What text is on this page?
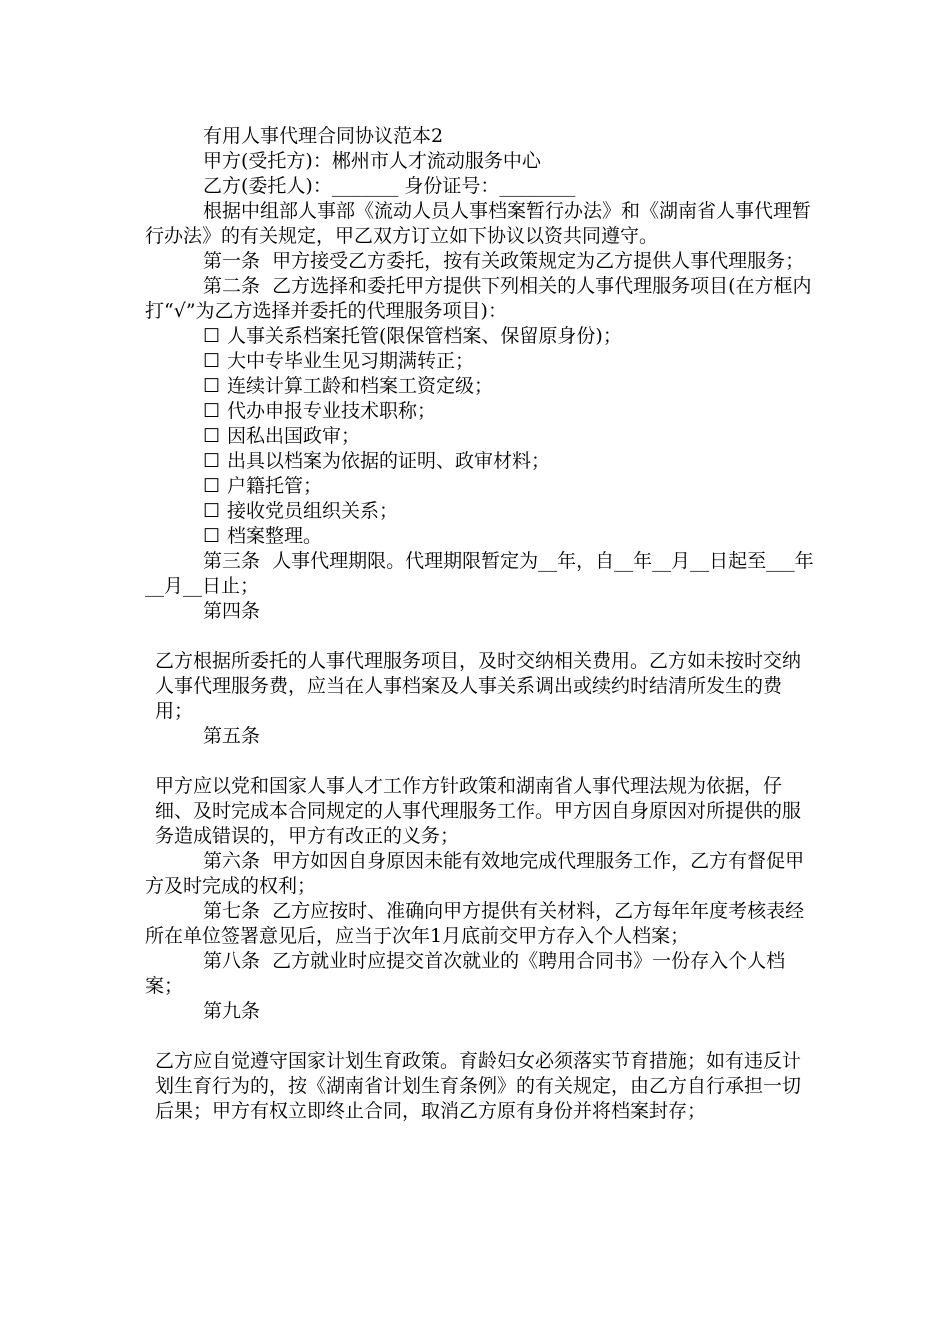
有用人事代理合同协议范本2

甲方(受托方)：郴州市人才流动服务中心

乙方(委托人)：_______ 身份证号：________

根据中组部人事部《流动人员人事档案暂行办法》和《湖南省人事代理暂行办法》的有关规定，甲乙双方订立如下协议以资共同遵守。

第一条  甲方接受乙方委托，按有关政策规定为乙方提供人事代理服务；

第二条  乙方选择和委托甲方提供下列相关的人事代理服务项目(在方框内打“√”为乙方选择并委托的代理服务项目)：

☐ 人事关系档案托管(限保管档案、保留原身份)；

☐ 大中专毕业生见习期满转正；

☐ 连续计算工龄和档案工资定级；

☐ 代办申报专业技术职称；

☐ 因私出国政审；

☐ 出具以档案为依据的证明、政审材料；

☐ 户籍托管；

☐ 接收党员组织关系；

☐ 档案整理。

第三条  人事代理期限。代理期限暂定为__年，自__年__月__日起至___年__月__日止；

第四条

乙方根据所委托的人事代理服务项目，及时交纳相关费用。乙方如未按时交纳人事代理服务费，应当在人事档案及人事关系调出或续约时结清所发生的费用；

第五条

甲方应以党和国家人事人才工作方针政策和湖南省人事代理法规为依据，仔细、及时完成本合同规定的人事代理服务工作。甲方因自身原因对所提供的服务造成错误的，甲方有改正的义务；

第六条  甲方如因自身原因未能有效地完成代理服务工作，乙方有督促甲方及时完成的权利；

第七条  乙方应按时、准确向甲方提供有关材料，乙方每年年度考核表经所在单位签署意见后，应当于次年1月底前交甲方存入个人档案；

第八条  乙方就业时应提交首次就业的《聘用合同书》一份存入个人档案；

第九条

乙方应自觉遵守国家计划生育政策。育龄妇女必须落实节育措施；如有违反计划生育行为的，按《湖南省计划生育条例》的有关规定，由乙方自行承担一切后果；甲方有权立即终止合同，取消乙方原有身份并将档案封存；
